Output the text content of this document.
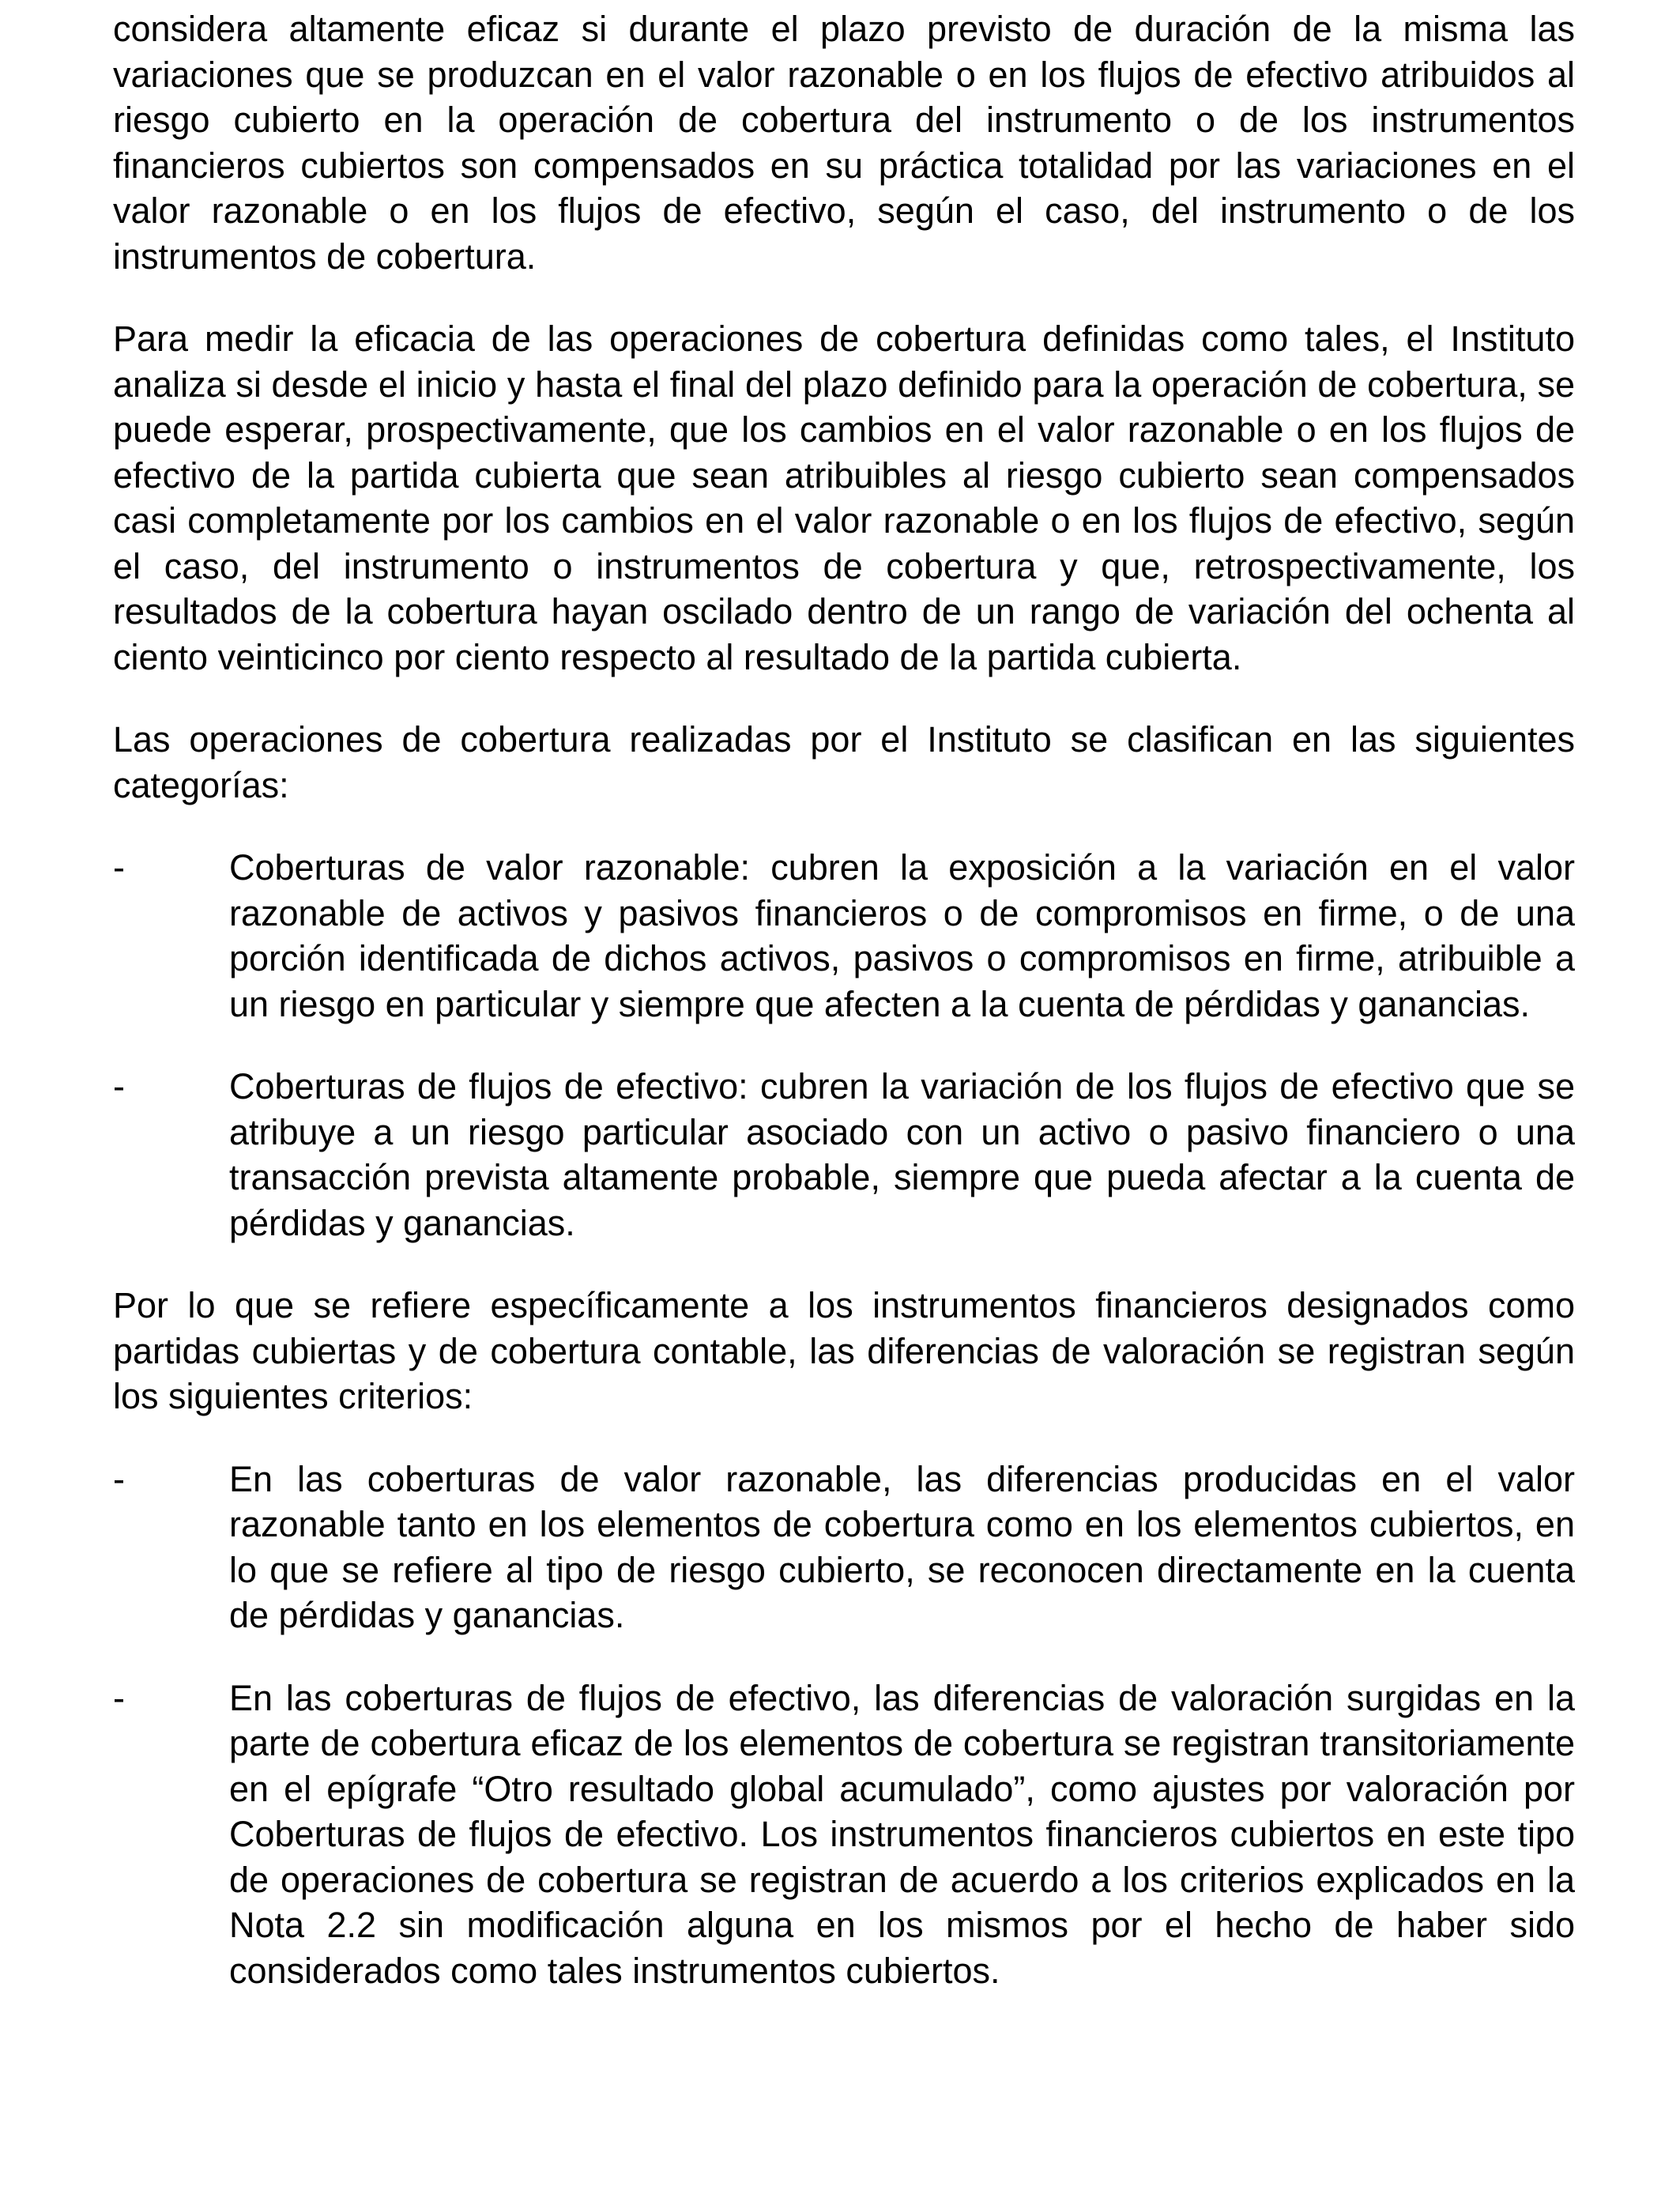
considera altamente eficaz si durante el plazo previsto de duración de la misma las variaciones que se produzcan en el valor razonable o en los flujos de efectivo atribuidos al riesgo cubierto en la operación de cobertura del instrumento o de los instrumentos financieros cubiertos son compensados en su práctica totalidad por las variaciones en el valor razonable o en los flujos de efectivo, según el caso, del instrumento o de los instrumentos de cobertura.

Para medir la eficacia de las operaciones de cobertura definidas como tales, el Instituto analiza si desde el inicio y hasta el final del plazo definido para la operación de cobertura, se puede esperar, prospectivamente, que los cambios en el valor razonable o en los flujos de efectivo de la partida cubierta que sean atribuibles al riesgo cubierto sean compensados casi completamente por los cambios en el valor razonable o en los flujos de efectivo, según el caso, del instrumento o instrumentos de cobertura y que, retrospectivamente, los resultados de la cobertura hayan oscilado dentro de un rango de variación del ochenta al ciento veinticinco por ciento respecto al resultado de la partida cubierta.

Las operaciones de cobertura realizadas por el Instituto se clasifican en las siguientes categorías:

-	Coberturas de valor razonable: cubren la exposición a la variación en el valor razonable de activos y pasivos financieros o de compromisos en firme, o de una porción identificada de dichos activos, pasivos o compromisos en firme, atribuible a un riesgo en particular y siempre que afecten a la cuenta de pérdidas y ganancias.
-	Coberturas de flujos de efectivo: cubren la variación de los flujos de efectivo que se atribuye a un riesgo particular asociado con un activo o pasivo financiero o una transacción prevista altamente probable, siempre que pueda afectar a la cuenta de pérdidas y ganancias.

Por lo que se refiere específicamente a los instrumentos financieros designados como partidas cubiertas y de cobertura contable, las diferencias de valoración se registran según los siguientes criterios:

-	En las coberturas de valor razonable, las diferencias producidas en el valor razonable tanto en los elementos de cobertura como en los elementos cubiertos, en lo que se refiere al tipo de riesgo cubierto, se reconocen directamente en la cuenta de pérdidas y ganancias.
-	En las coberturas de flujos de efectivo, las diferencias de valoración surgidas en la parte de cobertura eficaz de los elementos de cobertura se registran transitoriamente en el epígrafe “Otro resultado global acumulado”, como ajustes por valoración por Coberturas de flujos de efectivo. Los instrumentos financieros cubiertos en este tipo de operaciones de cobertura se registran de acuerdo a los criterios explicados en la Nota 2.2 sin modificación alguna en los mismos por el hecho de haber sido considerados como tales instrumentos cubiertos.
